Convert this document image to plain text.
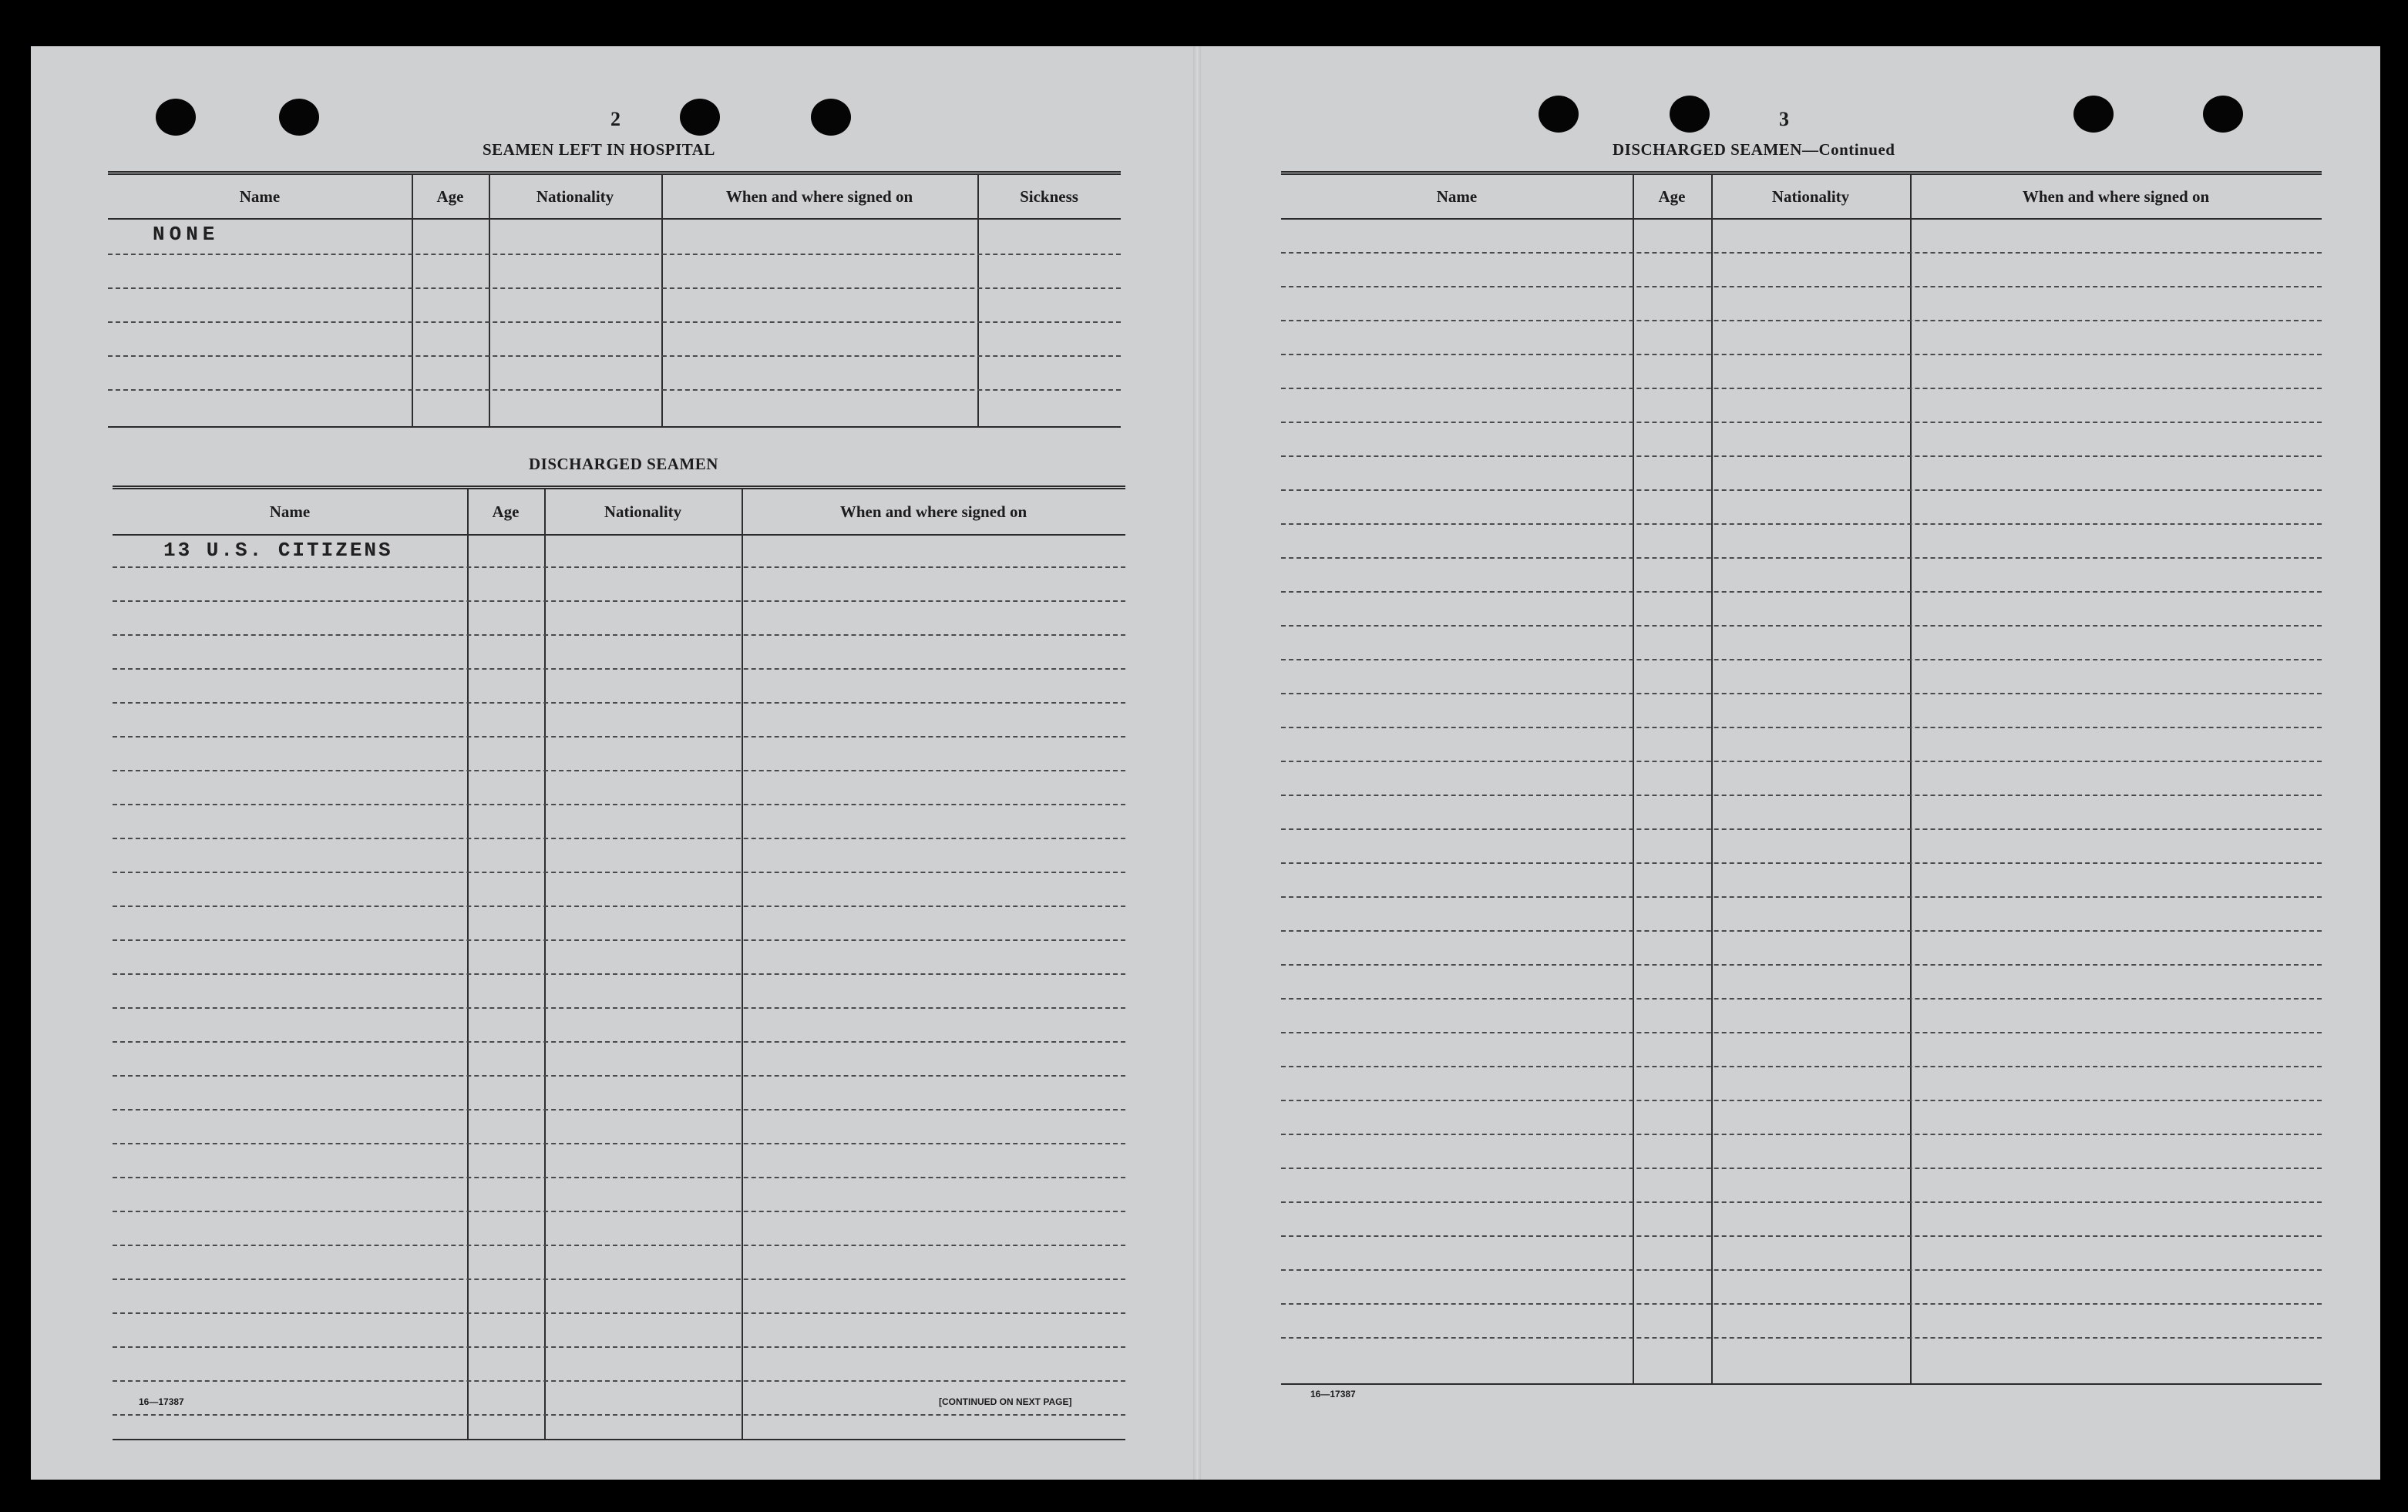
2
SEAMEN LEFT IN HOSPITAL
Name	Age	Nationality	When and where signed on	Sickness
NONE
DISCHARGED SEAMEN
Name	Age	Nationality	When and where signed on
13 U.S. CITIZENS
16—17387	[CONTINUED ON NEXT PAGE]
3
DISCHARGED SEAMEN—Continued
Name	Age	Nationality	When and where signed on
16—17387
